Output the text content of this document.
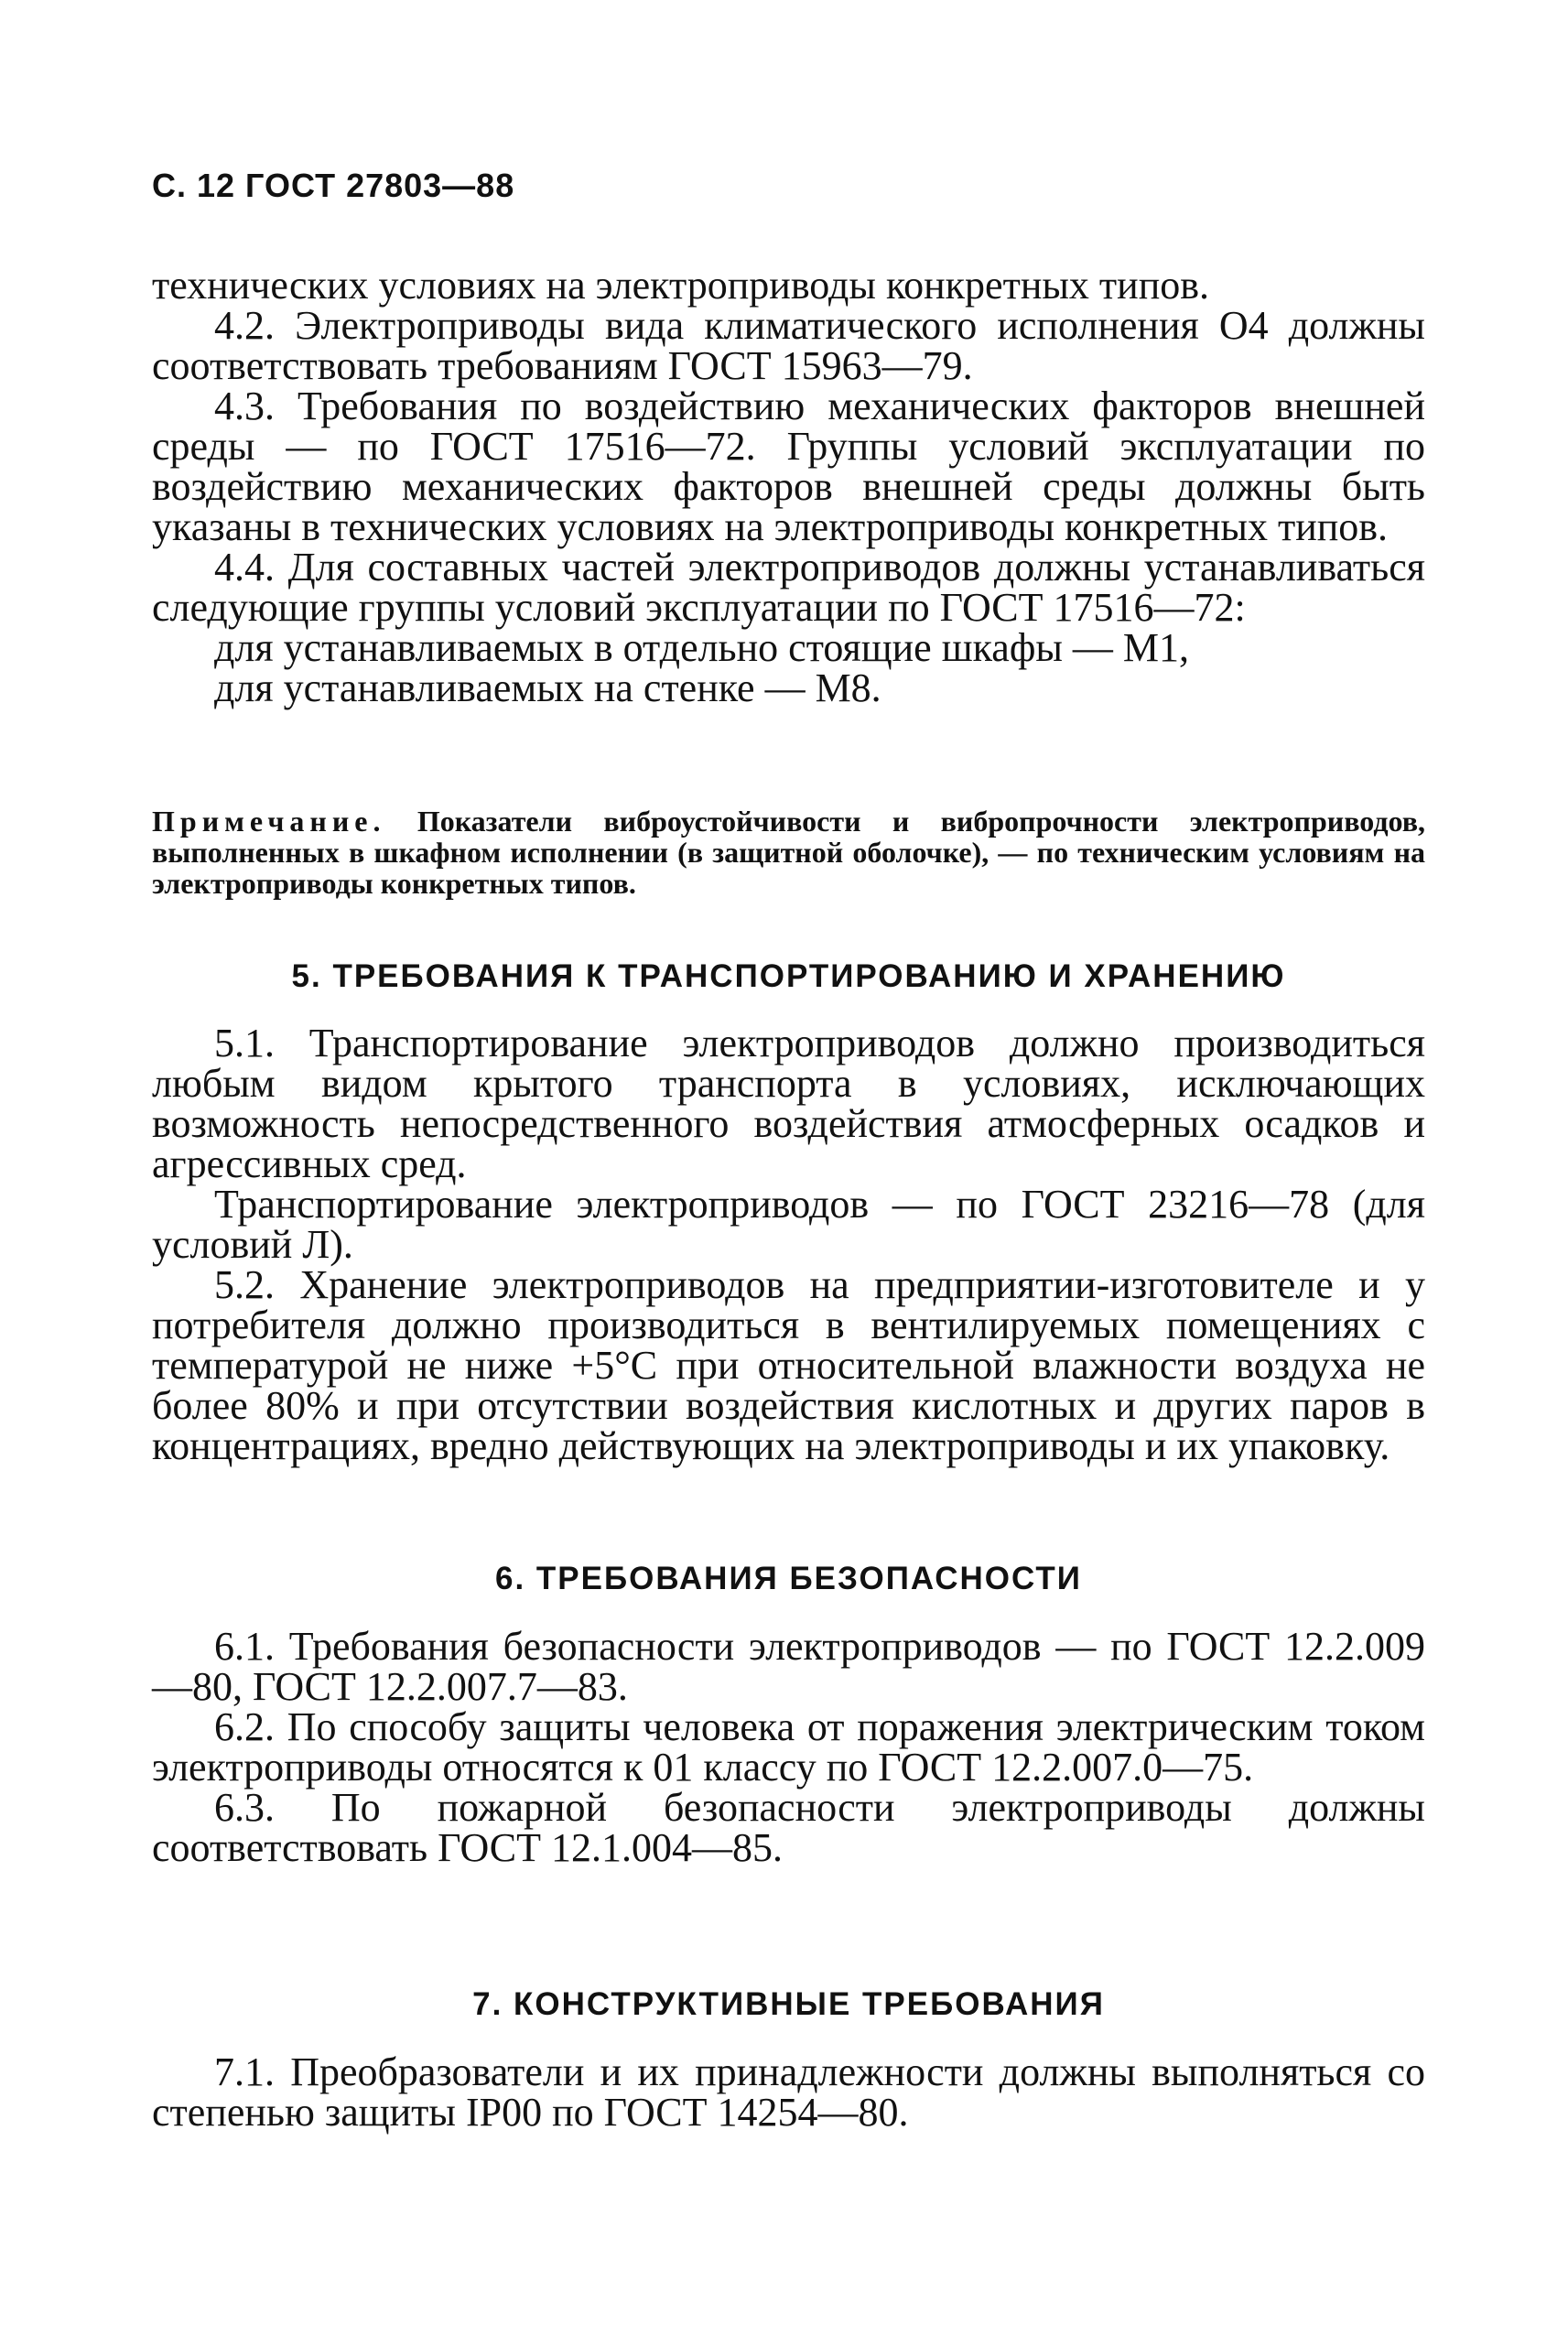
С. 12 ГОСТ 27803—88

технических условиях на электроприводы конкретных типов.

4.2. Электроприводы вида климатического исполнения О4 должны соответствовать требованиям ГОСТ 15963—79.

4.3. Требования по воздействию механических факторов внешней среды — по ГОСТ 17516—72. Группы условий эксплуатации по воздействию механических факторов внешней среды должны быть указаны в технических условиях на электроприводы конкретных типов.

4.4. Для составных частей электроприводов должны устанавливаться следующие группы условий эксплуатации по ГОСТ 17516—72:

для устанавливаемых в отдельно стоящие шкафы — М1,

для устанавливаемых на стенке — М8.

Примечание. Показатели виброустойчивости и вибропрочности электроприводов, выполненных в шкафном исполнении (в защитной оболочке), — по техническим условиям на электроприводы конкретных типов.
5. ТРЕБОВАНИЯ К ТРАНСПОРТИРОВАНИЮ И ХРАНЕНИЮ

5.1. Транспортирование электроприводов должно производиться любым видом крытого транспорта в условиях, исключающих возможность непосредственного воздействия атмосферных осадков и агрессивных сред.

Транспортирование электроприводов — по ГОСТ 23216—78 (для условий Л).

5.2. Хранение электроприводов на предприятии-изготовителе и у потребителя должно производиться в вентилируемых помещениях с температурой не ниже +5°С при относительной влажности воздуха не более 80% и при отсутствии воздействия кислотных и других паров в концентрациях, вредно действующих на электроприводы и их упаковку.

6. ТРЕБОВАНИЯ БЕЗОПАСНОСТИ

6.1. Требования безопасности электроприводов — по ГОСТ 12.2.009—80, ГОСТ 12.2.007.7—83.

6.2. По способу защиты человека от поражения электрическим током электроприводы относятся к 01 классу по ГОСТ 12.2.007.0—75.

6.3. По пожарной безопасности электроприводы должны соответствовать ГОСТ 12.1.004—85.

7. КОНСТРУКТИВНЫЕ ТРЕБОВАНИЯ

7.1. Преобразователи и их принадлежности должны выполняться со степенью защиты IP00 по ГОСТ 14254—80.
